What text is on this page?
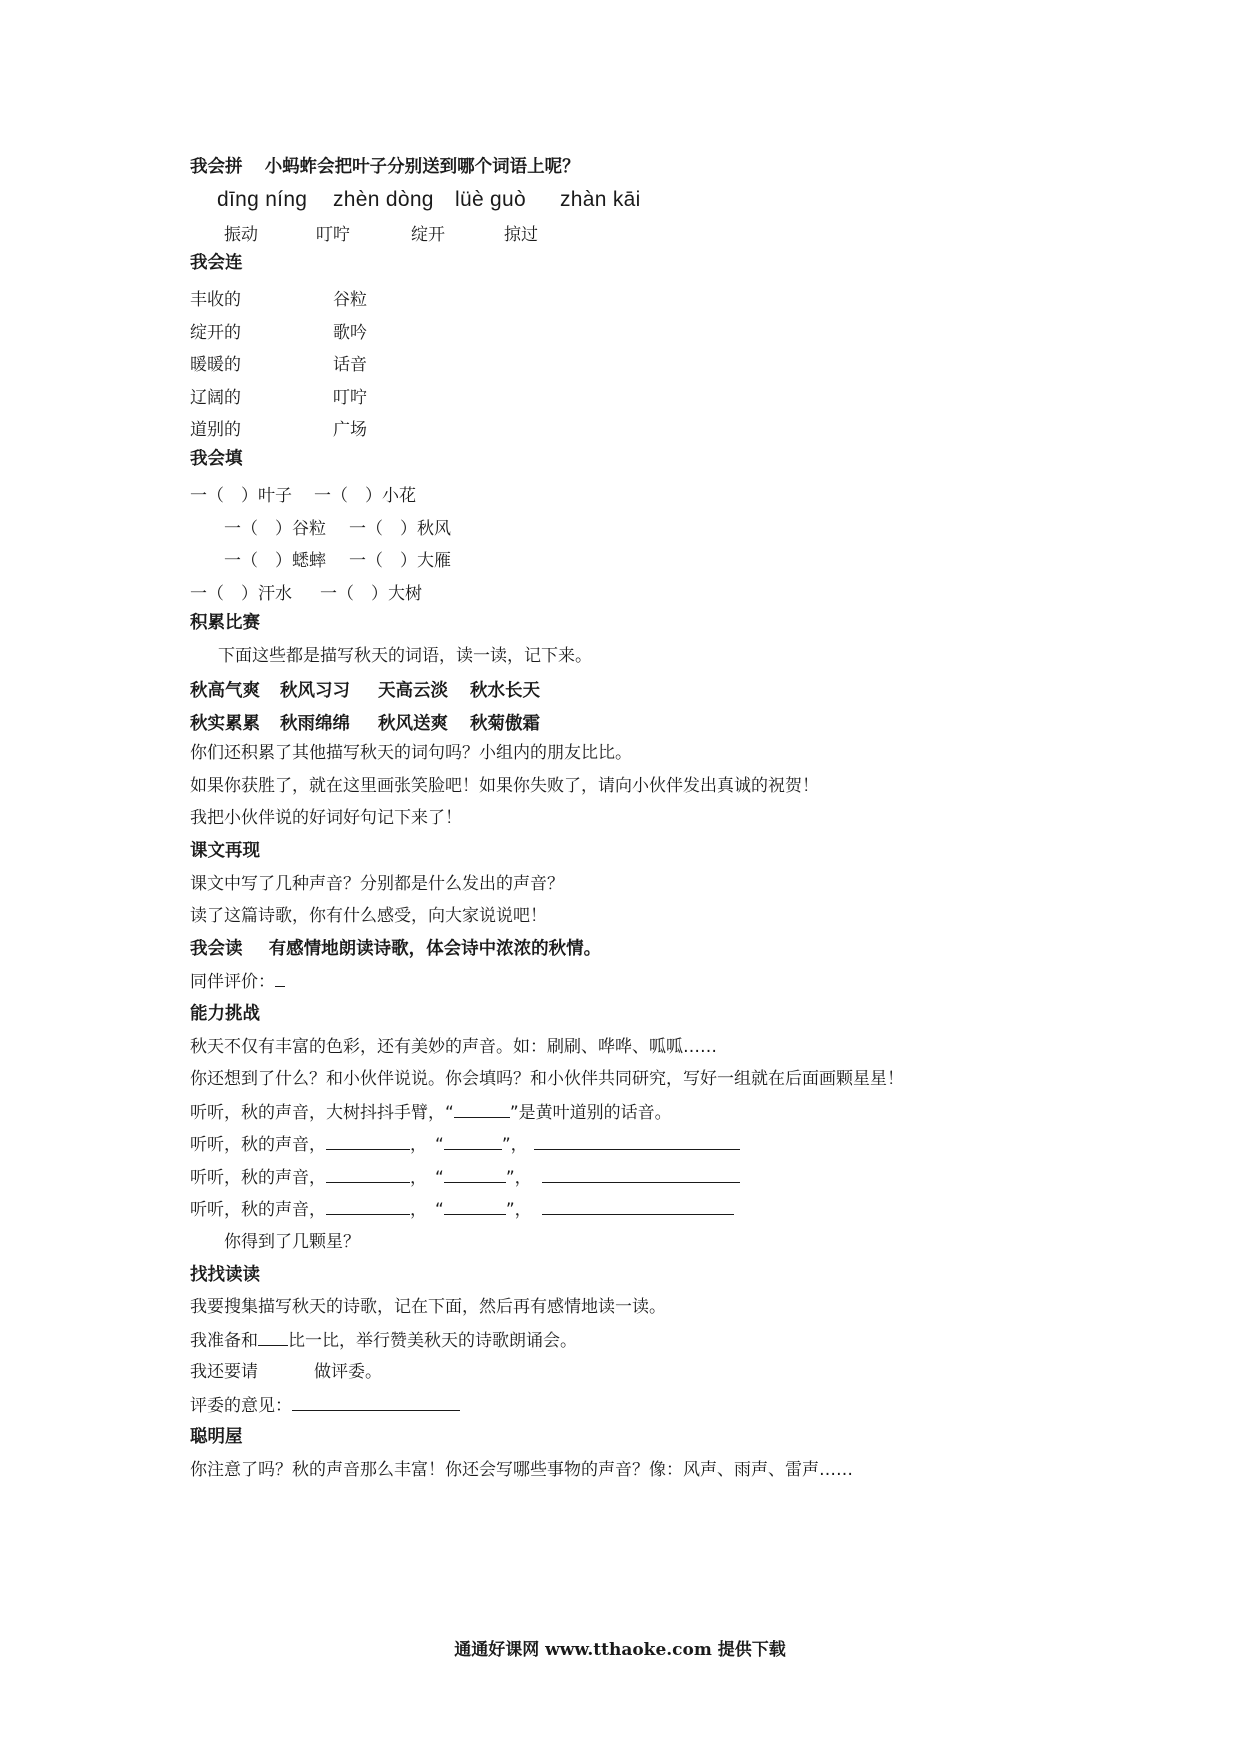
我会拼 小蚂蚱会把叶子分别送到哪个词语上呢？
dīng níng zhèn dòng lüè guò zhàn kāi
振动	叮咛	绽开	掠过
我会连
丰收的	谷粒
绽开的	歌吟
暖暖的	话音
辽阔的	叮咛
道别的	广场
我会填
一（　）叶子 一（　）小花
一（　）谷粒 一（　）秋风
一（　）蟋蟀 一（　）大雁
一（　）汗水 一（　）大树
积累比赛
下面这些都是描写秋天的词语，读一读，记下来。
秋高气爽 秋风习习 天高云淡 秋水长天
秋实累累 秋雨绵绵 秋风送爽 秋菊傲霜
你们还积累了其他描写秋天的词句吗？小组内的朋友比比。
如果你获胜了，就在这里画张笑脸吧！如果你失败了，请向小伙伴发出真诚的祝贺！
我把小伙伴说的好词好句记下来了！
课文再现
课文中写了几种声音？分别都是什么发出的声音？
读了这篇诗歌，你有什么感受，向大家说说吧！
我会读 有感情地朗读诗歌，体会诗中浓浓的秋情。
同伴评价：
能力挑战
秋天不仅有丰富的色彩，还有美妙的声音。如：刷刷、哗哗、呱呱……
你还想到了什么？和小伙伴说说。你会填吗？和小伙伴共同研究，写好一组就在后面画颗星星！
听听，秋的声音，大树抖抖手臂，“	”是黄叶道别的话音。
听听，秋的声音，	， “	”，
听听，秋的声音，	， “	”，
听听，秋的声音，	， “	”，
你得到了几颗星？
找找读读
我要搜集描写秋天的诗歌，记在下面，然后再有感情地读一读。
我准备和 比一比，举行赞美秋天的诗歌朗诵会。
我还要请	做评委。
评委的意见：
聪明屋
你注意了吗？秋的声音那么丰富！你还会写哪些事物的声音？像：风声、雨声、雷声……
通通好课网 www.tthaoke.com 提供下载
